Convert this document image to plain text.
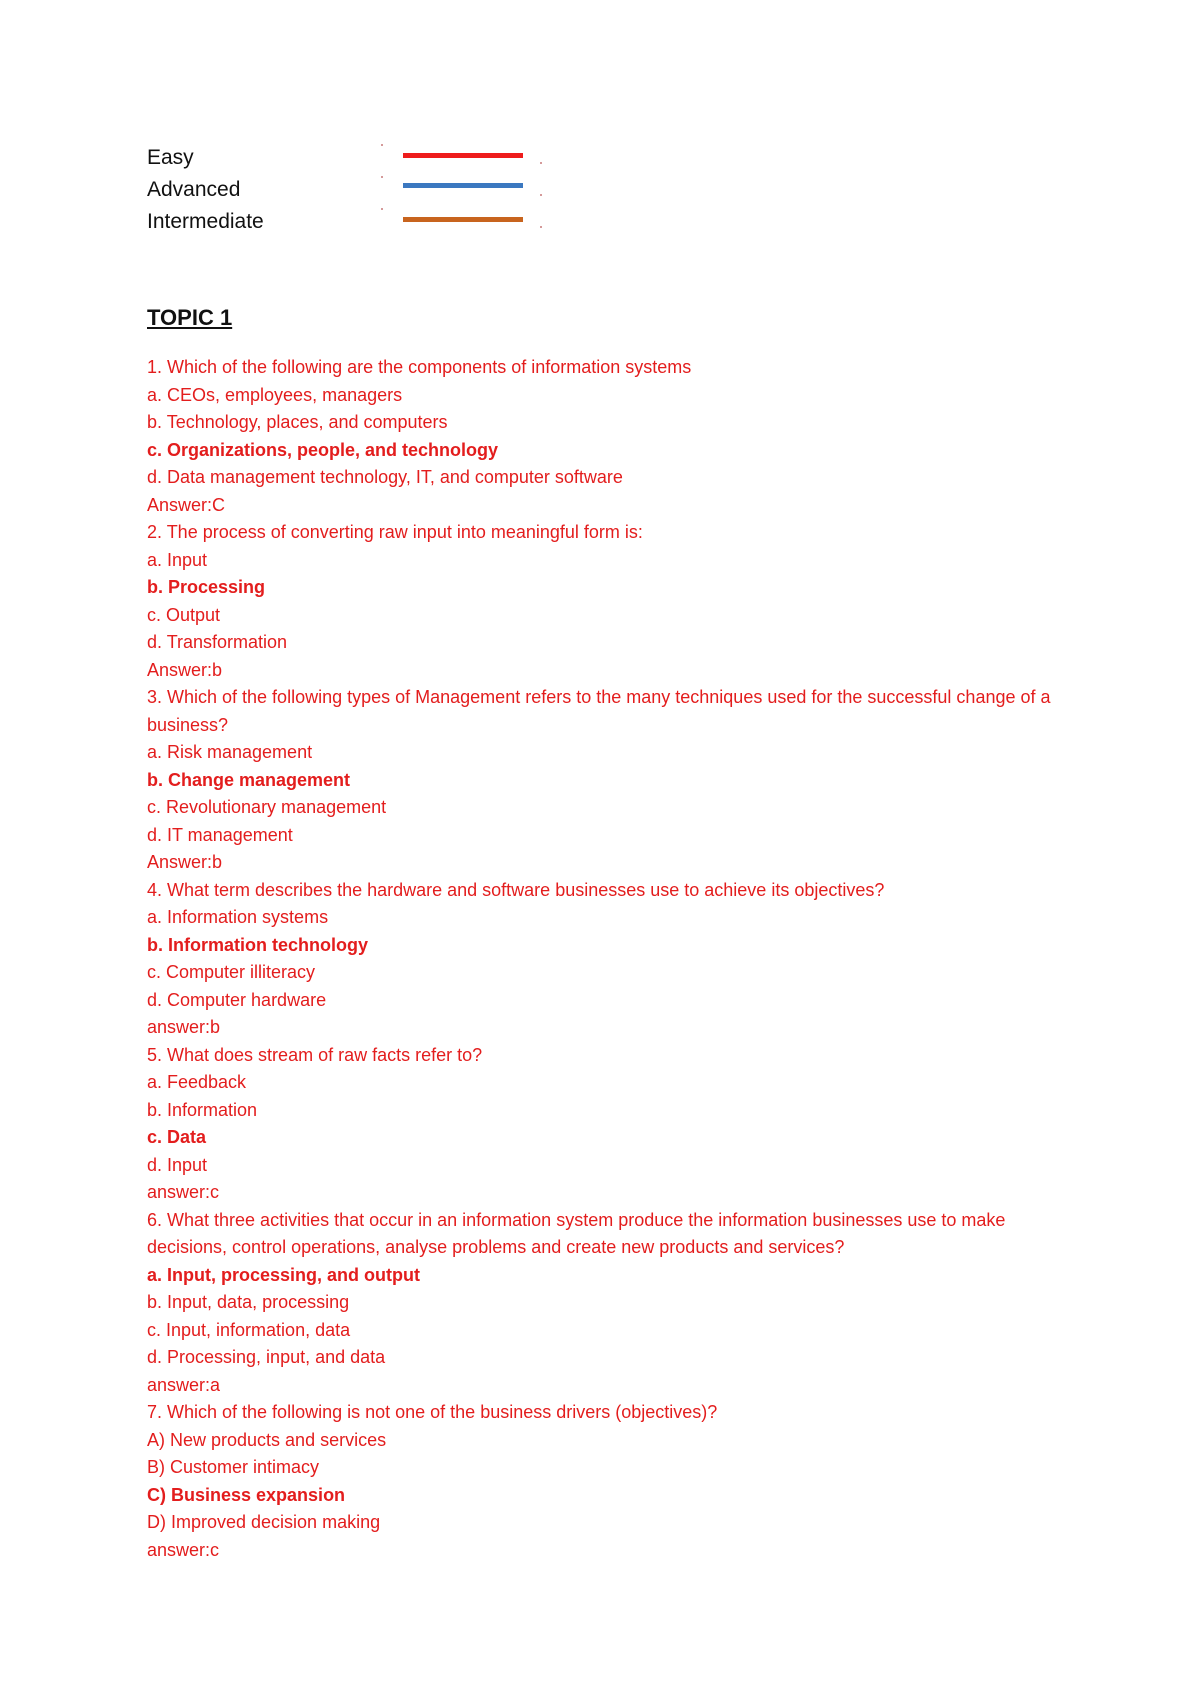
Easy
Advanced
Intermediate
TOPIC 1
1. Which of the following are the components of information systems
a. CEOs, employees, managers
b. Technology, places, and computers
c. Organizations, people, and technology
d. Data management technology, IT, and computer software
Answer:C
2. The process of converting raw input into meaningful form is:
a. Input
b. Processing
c. Output
d. Transformation
Answer:b
3. Which of the following types of Management refers to the many techniques used for the successful change of a business?
a. Risk management
b. Change management
c. Revolutionary management
d. IT management
Answer:b
4. What term describes the hardware and software businesses use to achieve its objectives?
a. Information systems
b. Information technology
c. Computer illiteracy
d. Computer hardware
answer:b
5. What does stream of raw facts refer to?
a. Feedback
b. Information
c. Data
d. Input
answer:c
6. What three activities that occur in an information system produce the information businesses use to make decisions, control operations, analyse problems and create new products and services?
a. Input, processing, and output
b. Input, data, processing
c. Input, information, data
d. Processing, input, and data
answer:a
7. Which of the following is not one of the business drivers (objectives)?
A) New products and services
B) Customer intimacy
C) Business expansion
D) Improved decision making
answer:c
